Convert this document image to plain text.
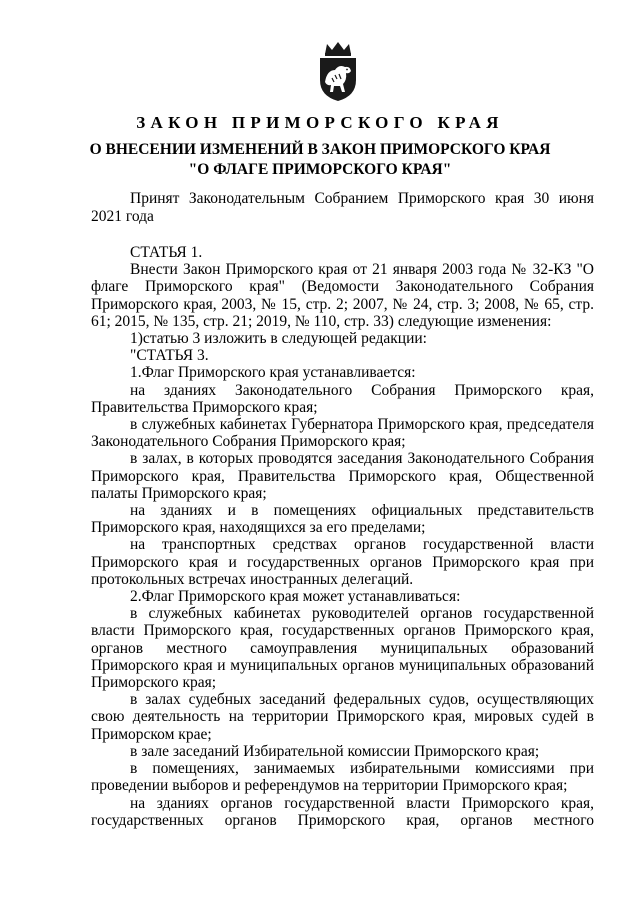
ЗАКОН ПРИМОРСКОГО КРАЯ
О ВНЕСЕНИИ ИЗМЕНЕНИЙ В ЗАКОН ПРИМОРСКОГО КРАЯ
"О ФЛАГЕ ПРИМОРСКОГО КРАЯ"

Принят Законодательным Собранием Приморского края 30 июня 2021 года

СТАТЬЯ 1.

Внести Закон Приморского края от 21 января 2003 года № 32-КЗ "О флаге Приморского края" (Ведомости Законодательного Собрания Приморского края, 2003, № 15, стр. 2; 2007, № 24, стр. 3; 2008, № 65, стр. 61; 2015, № 135, стр. 21; 2019, № 110, стр. 33) следующие изменения:

1)статью 3 изложить в следующей редакции:

"СТАТЬЯ 3.

1.Флаг Приморского края устанавливается:

на зданиях Законодательного Собрания Приморского края, Правительства Приморского края;

в служебных кабинетах Губернатора Приморского края, председателя Законодательного Собрания Приморского края;

в залах, в которых проводятся заседания Законодательного Собрания Приморского края, Правительства Приморского края, Общественной палаты Приморского края;

на зданиях и в помещениях официальных представительств Приморского края, находящихся за его пределами;

на транспортных средствах органов государственной власти Приморского края и государственных органов Приморского края при протокольных встречах иностранных делегаций.

2.Флаг Приморского края может устанавливаться:

в служебных кабинетах руководителей органов государственной власти Приморского края, государственных органов Приморского края, органов местного самоуправления муниципальных образований Приморского края и муниципальных органов муниципальных образований Приморского края;

в залах судебных заседаний федеральных судов, осуществляющих свою деятельность на территории Приморского края, мировых судей в Приморском крае;

в зале заседаний Избирательной комиссии Приморского края;

в помещениях, занимаемых избирательными комиссиями при проведении выборов и референдумов на территории Приморского края;

на зданиях органов государственной власти Приморского края, государственных органов Приморского края, органов местного
